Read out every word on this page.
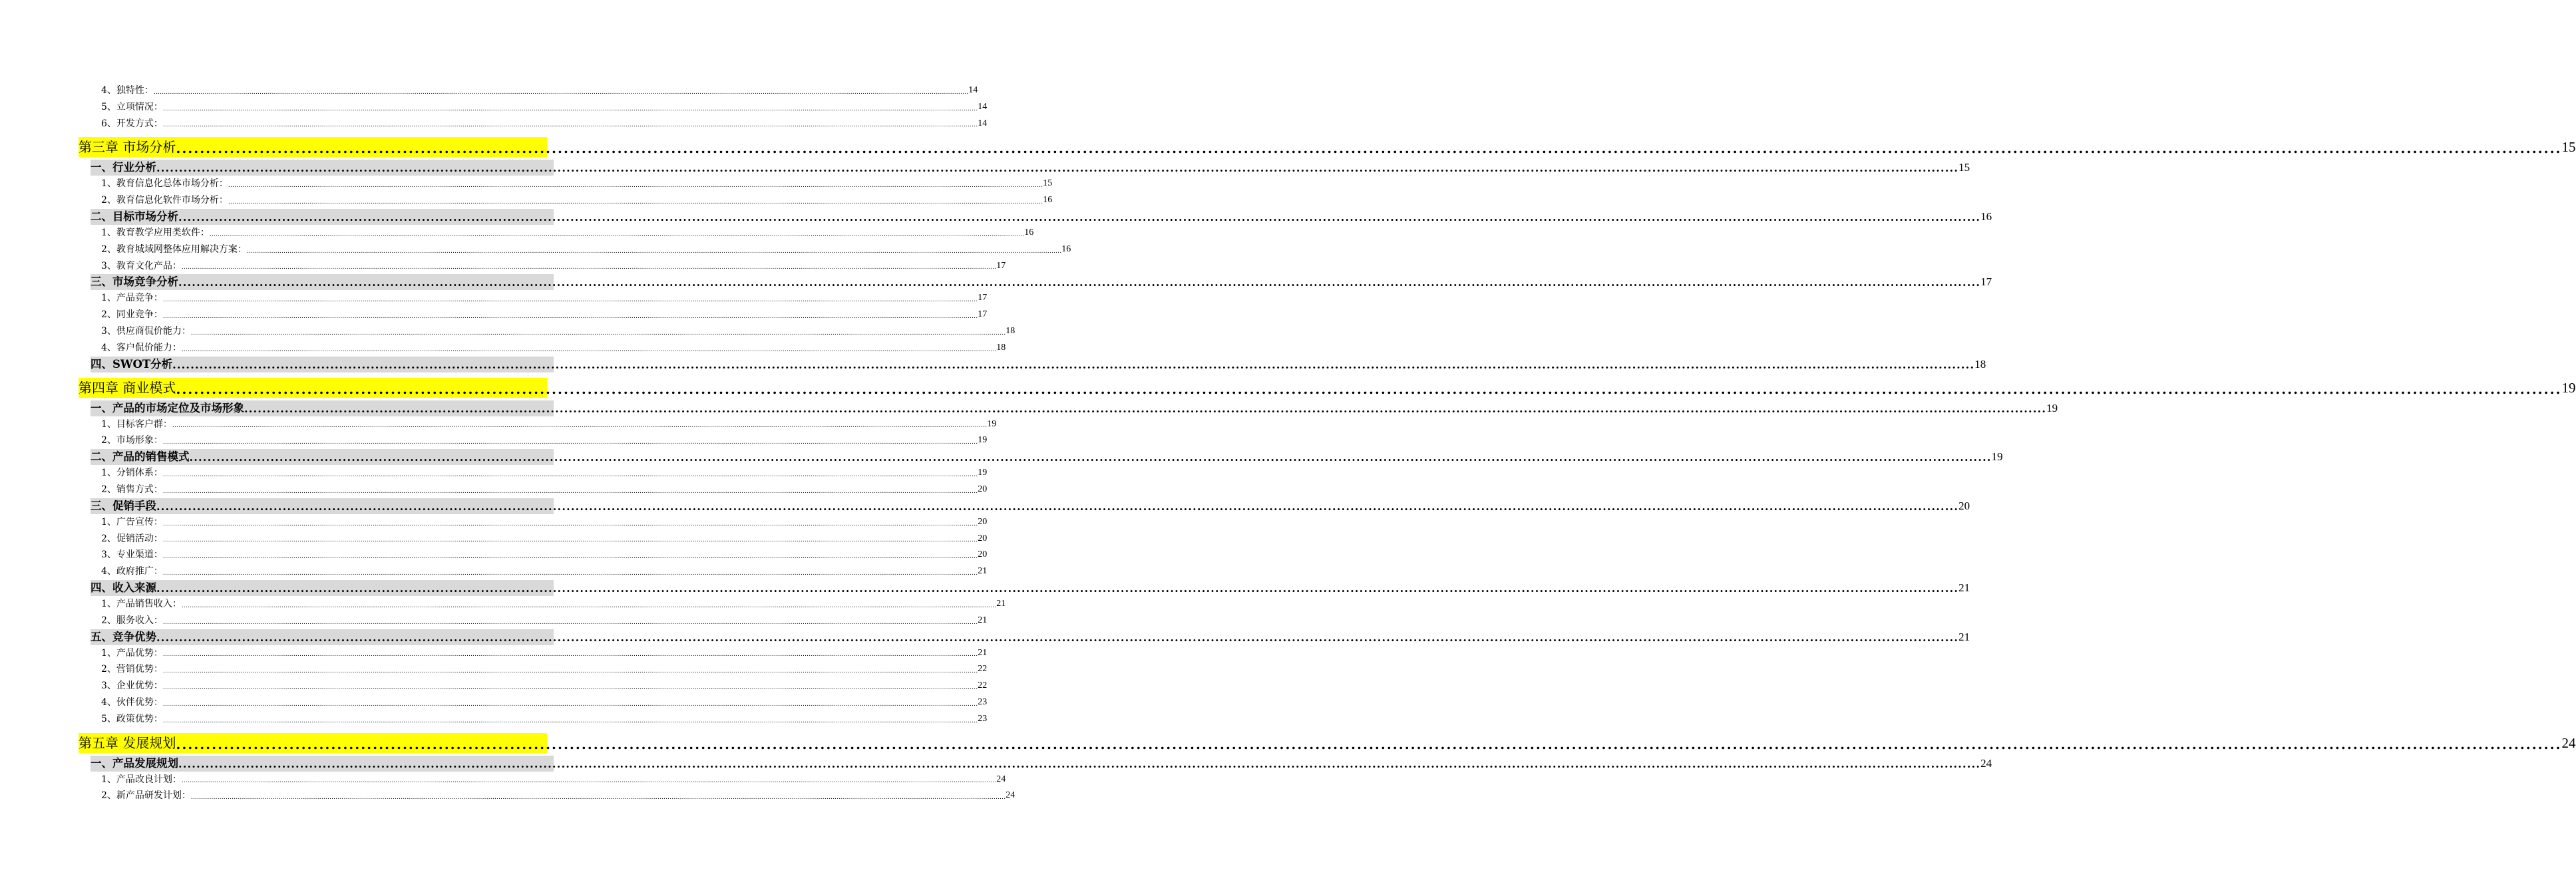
4、独特性： ................................................................................................................................................................................................................................................................................................................................................................................................................ 14
5、立项情况： ................................................................................................................................................................................................................................................................................................................................................................................................................ 14
6、开发方式： ................................................................................................................................................................................................................................................................................................................................................................................................................ 14
第三章 市场分析 ................................................................................................................................................................................................................................................................................................................................................................................................................ 15
一、行业分析 ................................................................................................................................................................................................................................................................................................................................................................................................................ 15
1、教育信息化总体市场分析： ................................................................................................................................................................................................................................................................................................................................................................................................................ 15
2、教育信息化软件市场分析： ................................................................................................................................................................................................................................................................................................................................................................................................................ 16
二、目标市场分析 ................................................................................................................................................................................................................................................................................................................................................................................................................ 16
1、教育教学应用类软件： ................................................................................................................................................................................................................................................................................................................................................................................................................ 16
2、教育城域网整体应用解决方案： ................................................................................................................................................................................................................................................................................................................................................................................................................ 16
3、教育文化产品： ................................................................................................................................................................................................................................................................................................................................................................................................................ 17
三、市场竞争分析 ................................................................................................................................................................................................................................................................................................................................................................................................................ 17
1、产品竞争： ................................................................................................................................................................................................................................................................................................................................................................................................................ 17
2、同业竞争： ................................................................................................................................................................................................................................................................................................................................................................................................................ 17
3、供应商侃价能力： ................................................................................................................................................................................................................................................................................................................................................................................................................ 18
4、客户侃价能力： ................................................................................................................................................................................................................................................................................................................................................................................................................ 18
四、SWOT分析 ................................................................................................................................................................................................................................................................................................................................................................................................................ 18
第四章 商业模式 ................................................................................................................................................................................................................................................................................................................................................................................................................ 19
一、产品的市场定位及市场形象 ................................................................................................................................................................................................................................................................................................................................................................................................................ 19
1、目标客户群： ................................................................................................................................................................................................................................................................................................................................................................................................................ 19
2、市场形象： ................................................................................................................................................................................................................................................................................................................................................................................................................ 19
二、产品的销售模式 ................................................................................................................................................................................................................................................................................................................................................................................................................ 19
1、分销体系： ................................................................................................................................................................................................................................................................................................................................................................................................................ 19
2、销售方式： ................................................................................................................................................................................................................................................................................................................................................................................................................ 20
三、促销手段 ................................................................................................................................................................................................................................................................................................................................................................................................................ 20
1、广告宣传： ................................................................................................................................................................................................................................................................................................................................................................................................................ 20
2、促销活动： ................................................................................................................................................................................................................................................................................................................................................................................................................ 20
3、专业渠道： ................................................................................................................................................................................................................................................................................................................................................................................................................ 20
4、政府推广： ................................................................................................................................................................................................................................................................................................................................................................................................................ 21
四、收入来源 ................................................................................................................................................................................................................................................................................................................................................................................................................ 21
1、产品销售收入： ................................................................................................................................................................................................................................................................................................................................................................................................................ 21
2、服务收入： ................................................................................................................................................................................................................................................................................................................................................................................................................ 21
五、竞争优势 ................................................................................................................................................................................................................................................................................................................................................................................................................ 21
1、产品优势： ................................................................................................................................................................................................................................................................................................................................................................................................................ 21
2、营销优势： ................................................................................................................................................................................................................................................................................................................................................................................................................ 22
3、企业优势： ................................................................................................................................................................................................................................................................................................................................................................................................................ 22
4、伙伴优势： ................................................................................................................................................................................................................................................................................................................................................................................................................ 23
5、政策优势： ................................................................................................................................................................................................................................................................................................................................................................................................................ 23
第五章 发展规划 ................................................................................................................................................................................................................................................................................................................................................................................................................ 24
一、产品发展规划 ................................................................................................................................................................................................................................................................................................................................................................................................................ 24
1、产品改良计划： ................................................................................................................................................................................................................................................................................................................................................................................................................ 24
2、新产品研发计划： ................................................................................................................................................................................................................................................................................................................................................................................................................ 24
